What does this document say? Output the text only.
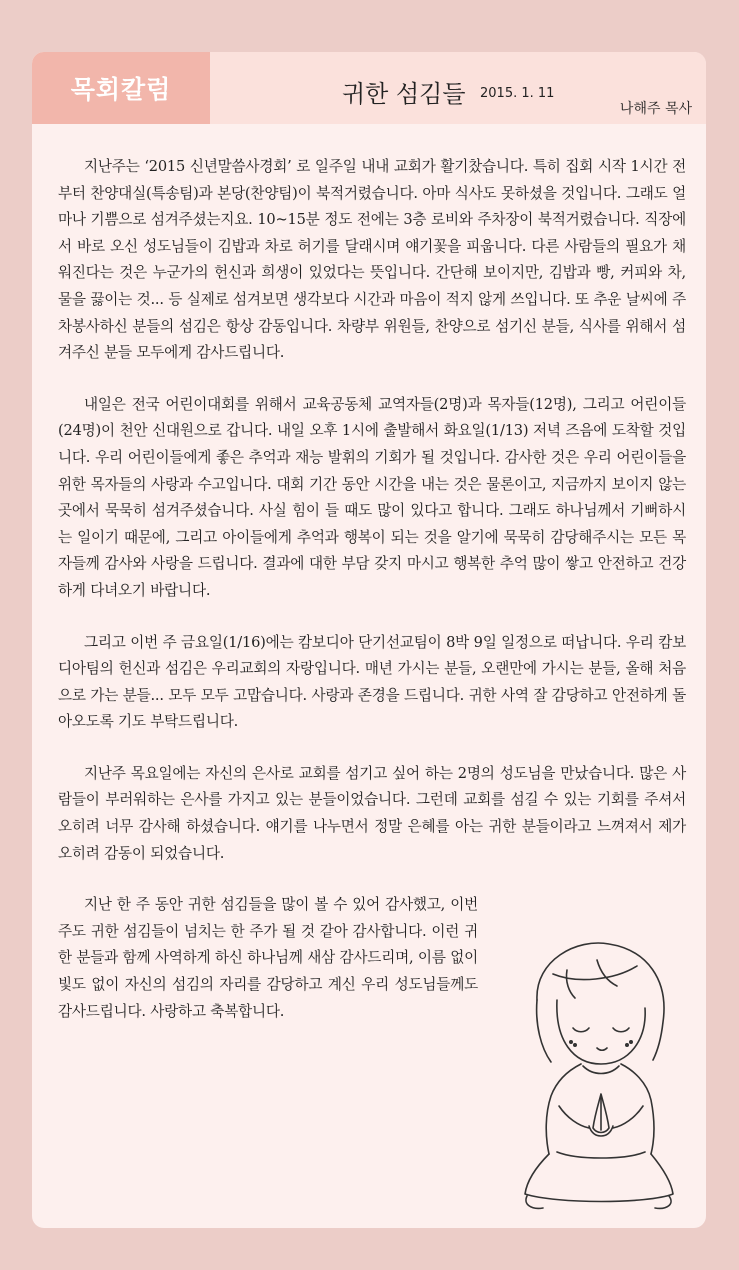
목회칼럼	귀한 섬김들 2015. 1. 11
나해주 목사

지난주는 ‘2015 신년말씀사경회’ 로 일주일 내내 교회가 활기찼습니다. 특히 집회 시작 1시간 전부터 찬양대실(특송팀)과 본당(찬양팀)이 북적거렸습니다. 아마 식사도 못하셨을 것입니다. 그래도 얼마나 기쁨으로 섬겨주셨는지요. 10~15분 정도 전에는 3층 로비와 주차장이 북적거렸습니다. 직장에서 바로 오신 성도님들이 김밥과 차로 허기를 달래시며 얘기꽃을 피웁니다. 다른 사람들의 필요가 채워진다는 것은 누군가의 헌신과 희생이 있었다는 뜻입니다. 간단해 보이지만, 김밥과 빵, 커피와 차, 물을 끓이는 것... 등 실제로 섬겨보면 생각보다 시간과 마음이 적지 않게 쓰입니다. 또 추운 날씨에 주차봉사하신 분들의 섬김은 항상 감동입니다. 차량부 위원들, 찬양으로 섬기신 분들, 식사를 위해서 섬겨주신 분들 모두에게 감사드립니다.

내일은 전국 어린이대회를 위해서 교육공동체 교역자들(2명)과 목자들(12명), 그리고 어린이들(24명)이 천안 신대원으로 갑니다. 내일 오후 1시에 출발해서 화요일(1/13) 저녁 즈음에 도착할 것입니다. 우리 어린이들에게 좋은 추억과 재능 발휘의 기회가 될 것입니다. 감사한 것은 우리 어린이들을 위한 목자들의 사랑과 수고입니다. 대회 기간 동안 시간을 내는 것은 물론이고, 지금까지 보이지 않는 곳에서 묵묵히 섬겨주셨습니다. 사실 힘이 들 때도 많이 있다고 합니다. 그래도 하나님께서 기뻐하시는 일이기 때문에, 그리고 아이들에게 추억과 행복이 되는 것을 알기에 묵묵히 감당해주시는 모든 목자들께 감사와 사랑을 드립니다. 결과에 대한 부담 갖지 마시고 행복한 추억 많이 쌓고 안전하고 건강하게 다녀오기 바랍니다.

그리고 이번 주 금요일(1/16)에는 캄보디아 단기선교팀이 8박 9일 일정으로 떠납니다. 우리 캄보디아팀의 헌신과 섬김은 우리교회의 자랑입니다. 매년 가시는 분들, 오랜만에 가시는 분들, 올해 처음으로 가는 분들... 모두 모두 고맙습니다. 사랑과 존경을 드립니다. 귀한 사역 잘 감당하고 안전하게 돌아오도록 기도 부탁드립니다.

지난주 목요일에는 자신의 은사로 교회를 섬기고 싶어 하는 2명의 성도님을 만났습니다. 많은 사람들이 부러워하는 은사를 가지고 있는 분들이었습니다. 그런데 교회를 섬길 수 있는 기회를 주셔서 오히려 너무 감사해 하셨습니다. 얘기를 나누면서 정말 은혜를 아는 귀한 분들이라고 느껴져서 제가 오히려 감동이 되었습니다.

지난 한 주 동안 귀한 섬김들을 많이 볼 수 있어 감사했고, 이번 주도 귀한 섬김들이 넘치는 한 주가 될 것 같아 감사합니다. 이런 귀한 분들과 함께 사역하게 하신 하나님께 새삼 감사드리며, 이름 없이 빛도 없이 자신의 섬김의 자리를 감당하고 계신 우리 성도님들께도 감사드립니다. 사랑하고 축복합니다.
